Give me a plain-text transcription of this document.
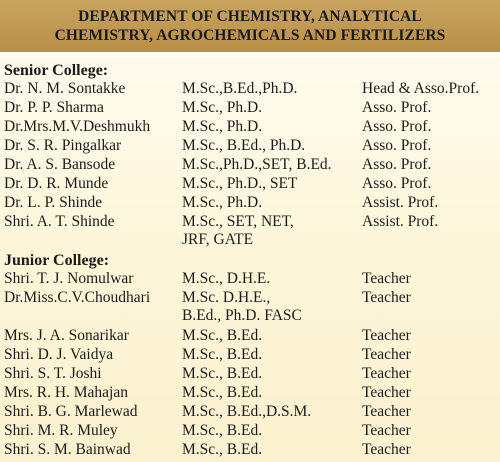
DEPARTMENT OF CHEMISTRY, ANALYTICAL
CHEMISTRY, AGROCHEMICALS AND FERTILIZERS
Senior College:
Dr. N. M. Sontakke	M.Sc.,B.Ed.,Ph.D.	Head & Asso.Prof.
Dr. P. P. Sharma	M.Sc., Ph.D.	Asso. Prof.
Dr.Mrs.M.V.Deshmukh M.Sc., Ph.D.	Asso. Prof.
Dr. S. R. Pingalkar	M.Sc., B.Ed., Ph.D.	Asso. Prof.
Dr. A. S. Bansode	M.Sc.,Ph.D.,SET, B.Ed. Asso. Prof.
Dr. D. R. Munde	M.Sc., Ph.D., SET	Asso. Prof.
Dr. L. P. Shinde	M.Sc., Ph.D.	Assist. Prof.
Shri. A. T. Shinde	M.Sc., SET, NET,	Assist. Prof.
JRF, GATE
Junior College:
Shri. T. J. Nomulwar	M.Sc., D.H.E.	Teacher
Dr.Miss.C.V.Choudhari M.Sc. D.H.E.,	Teacher
B.Ed., Ph.D. FASC
Mrs. J. A. Sonarikar	M.Sc., B.Ed.	Teacher
Shri. D. J. Vaidya	M.Sc., B.Ed.	Teacher
Shri. S. T. Joshi	M.Sc., B.Ed.	Teacher
Mrs. R. H. Mahajan	M.Sc., B.Ed.	Teacher
Shri. B. G. Marlewad	M.Sc., B.Ed.,D.S.M.	Teacher
Shri. M. R. Muley	M.Sc., B.Ed.	Teacher
Shri. S. M. Bainwad	M.Sc., B.Ed.	Teacher
